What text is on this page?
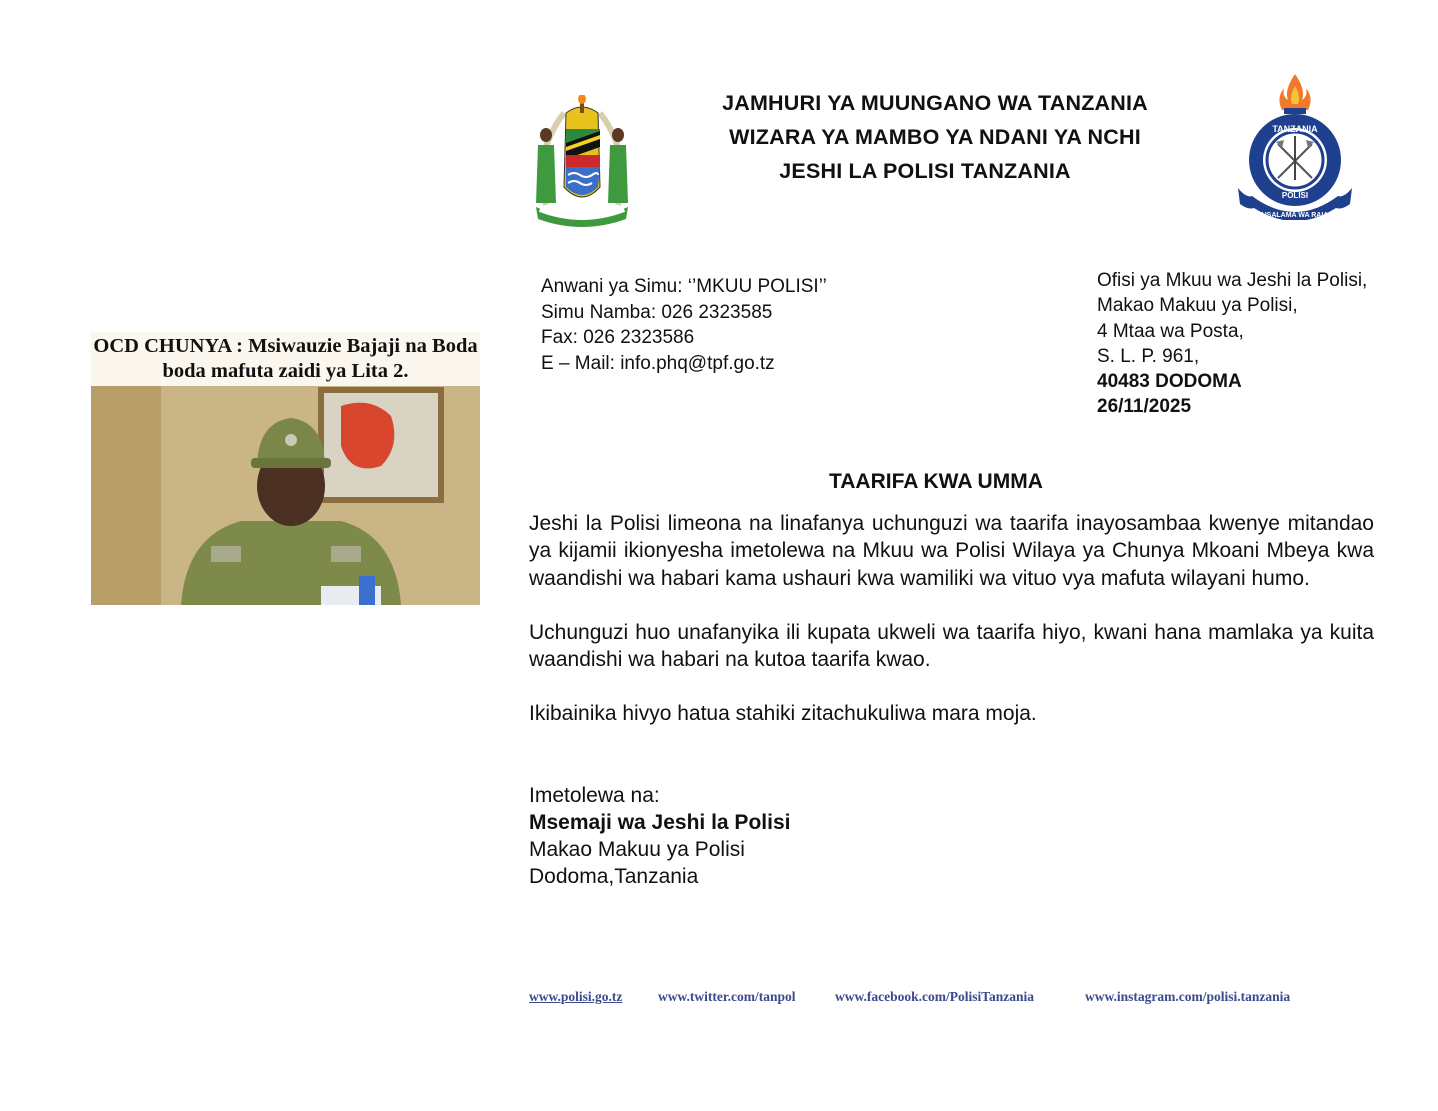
JAMHURI YA MUUNGANO WA TANZANIA
WIZARA YA MAMBO YA NDANI YA NCHI
JESHI LA POLISI TANZANIA
TANZANIA
POLISI
USALAMA WA RAIA
Anwani ya Simu: ‘’MKUU POLISI’’
Simu Namba: 026 2323585
Fax: 026 2323586
E – Mail: info.phq@tpf.go.tz
Ofisi ya Mkuu wa Jeshi la Polisi,
Makao Makuu ya Polisi,
4 Mtaa wa Posta,
S. L. P. 961,
40483 DODOMA
26/11/2025
OCD CHUNYA : Msiwauzie Bajaji na Boda
boda mafuta zaidi ya Lita 2.
TAARIFA KWA UMMA

Jeshi la Polisi limeona na linafanya uchunguzi wa taarifa inayosambaa kwenye mitandao ya kijamii ikionyesha imetolewa na Mkuu wa Polisi Wilaya ya Chunya Mkoani Mbeya kwa waandishi wa habari kama ushauri kwa wamiliki wa vituo vya mafuta wilayani humo.

Uchunguzi huo unafanyika ili kupata ukweli wa taarifa hiyo, kwani hana mamlaka ya kuita waandishi wa habari na kutoa taarifa kwao.

Ikibainika hivyo hatua stahiki zitachukuliwa mara moja.

Imetolewa na:
Msemaji wa Jeshi la Polisi
Makao Makuu ya Polisi
Dodoma,Tanzania
www.polisi.go.tz	www.twitter.com/tanpol	www.facebook.com/PolisiTanzania	www.instagram.com/polisi.tanzania
